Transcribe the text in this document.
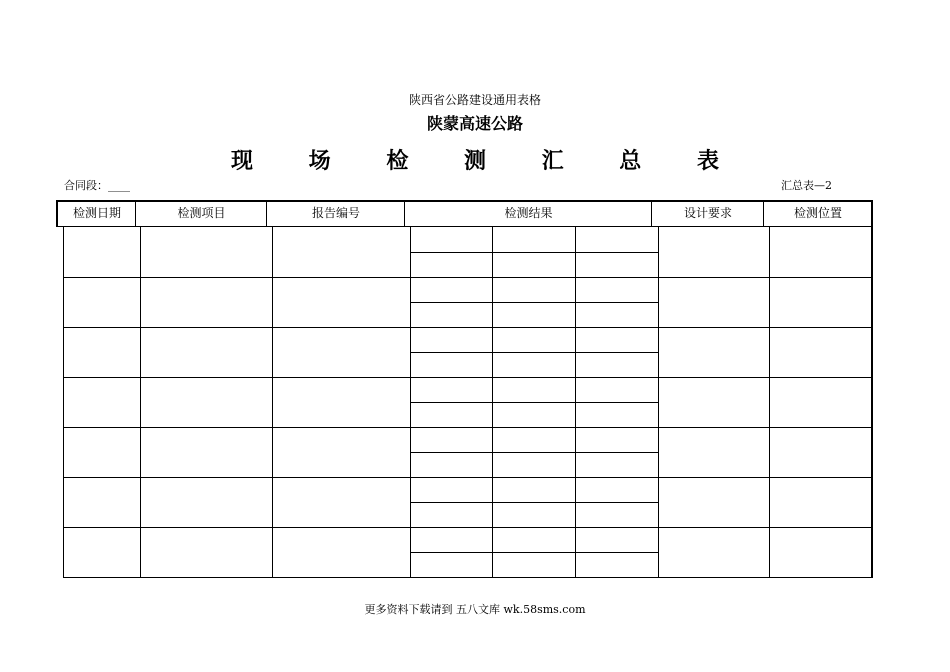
陕西省公路建设通用表格
陕蒙高速公路
现 场 检 测 汇 总 表
合同段：____	汇总表—2
检测日期	检测项目	报告编号	检测结果	设计要求	检测位置
更多资料下载请到 五八文库 wk.58sms.com
